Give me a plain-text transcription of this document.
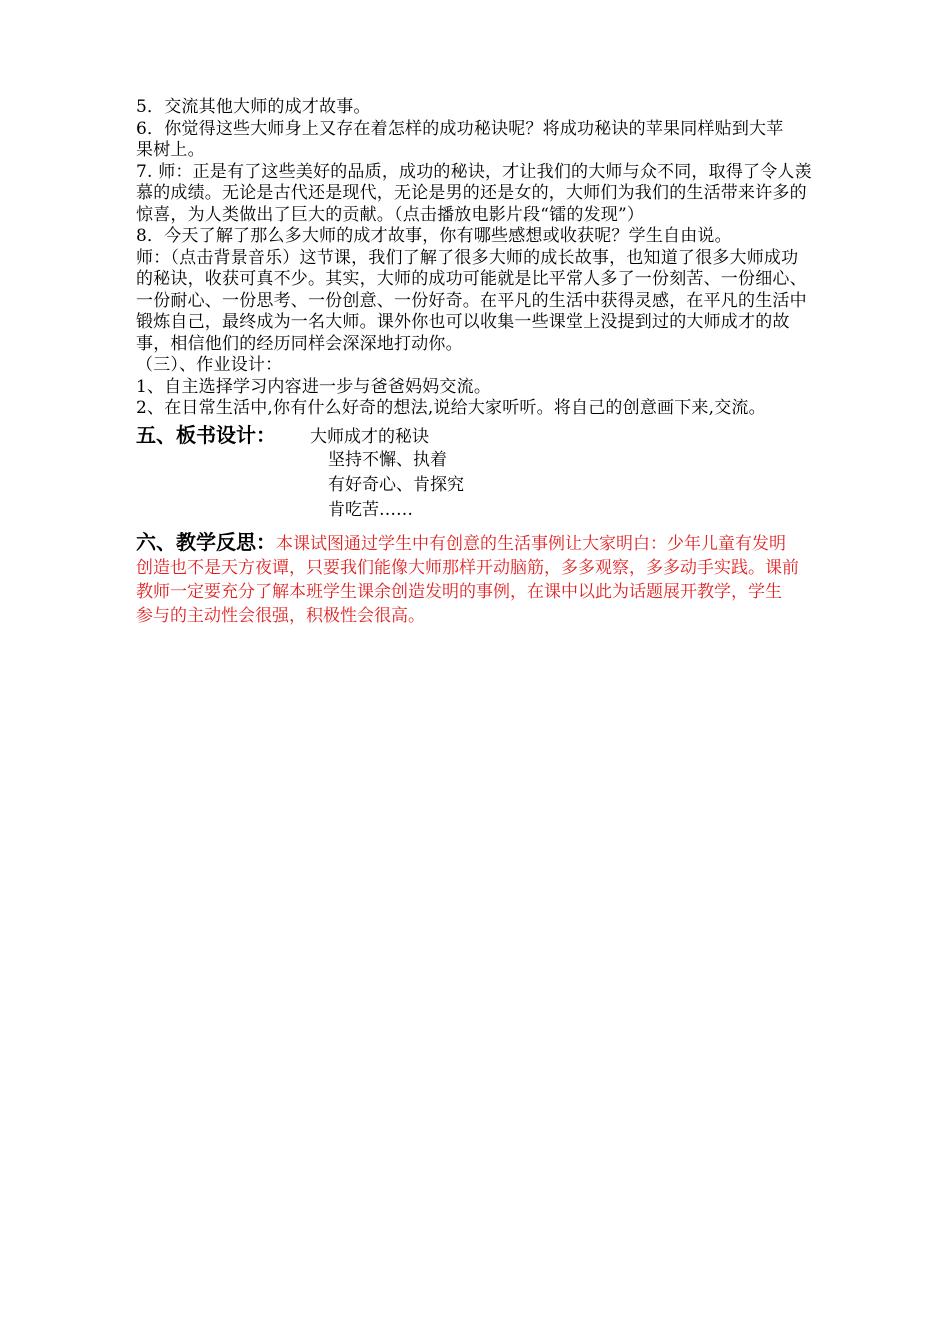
5．交流其他大师的成才故事。
6．你觉得这些大师身上又存在着怎样的成功秘诀呢？将成功秘诀的苹果同样贴到大苹
果树上。
7. 师：正是有了这些美好的品质，成功的秘诀，才让我们的大师与众不同，取得了令人羡
慕的成绩。无论是古代还是现代，无论是男的还是女的，大师们为我们的生活带来许多的
惊喜，为人类做出了巨大的贡献。（点击播放电影片段“镭的发现”）
8．今天了解了那么多大师的成才故事，你有哪些感想或收获呢？学生自由说。
师：（点击背景音乐）这节课，我们了解了很多大师的成长故事，也知道了很多大师成功
的秘诀，收获可真不少。其实，大师的成功可能就是比平常人多了一份刻苦、一份细心、
一份耐心、一份思考、一份创意、一份好奇。在平凡的生活中获得灵感，在平凡的生活中
锻炼自己，最终成为一名大师。课外你也可以收集一些课堂上没提到过的大师成才的故
事，相信他们的经历同样会深深地打动你。
（三）、作业设计：
1、自主选择学习内容进一步与爸爸妈妈交流。
2、在日常生活中,你有什么好奇的想法,说给大家听听。将自己的创意画下来,交流。
五、板书设计： 大师成才的秘诀
坚持不懈、执着
有好奇心、肯探究
肯吃苦……
六、教学反思：本课试图通过学生中有创意的生活事例让大家明白：少年儿童有发明
创造也不是天方夜谭，只要我们能像大师那样开动脑筋，多多观察，多多动手实践。课前
教师一定要充分了解本班学生课余创造发明的事例，在课中以此为话题展开教学，学生
参与的主动性会很强，积极性会很高。
